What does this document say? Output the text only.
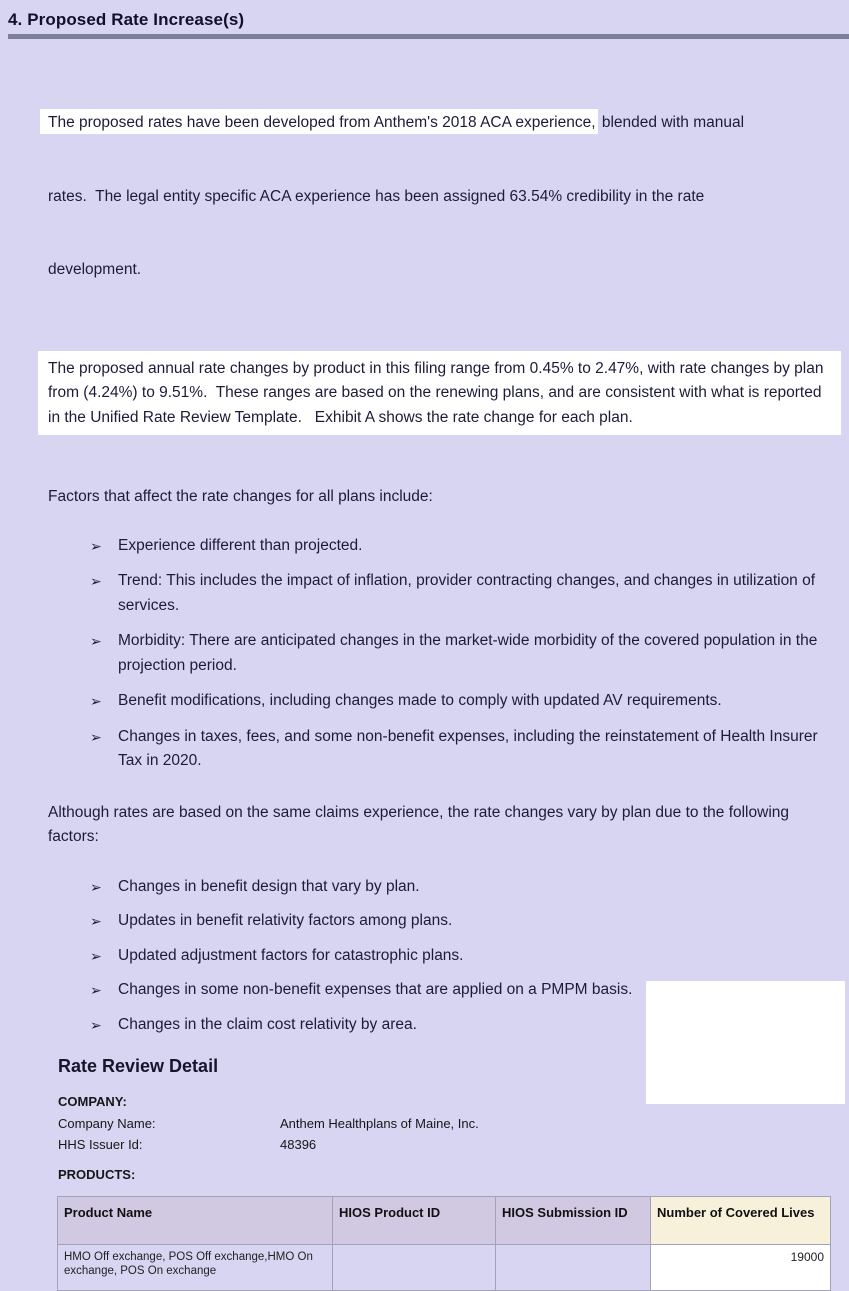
4. Proposed Rate Increase(s)

The proposed rates have been developed from Anthem's 2018 ACA experience, blended with manual

rates.  The legal entity specific ACA experience has been assigned 63.54% credibility in the rate

development.

The proposed annual rate changes by product in this filing range from 0.45% to 2.47%, with rate changes by plan from (4.24%) to 9.51%.  These ranges are based on the renewing plans, and are consistent with what is reported in the Unified Rate Review Template.   Exhibit A shows the rate change for each plan.
Factors that affect the rate changes for all plans include:
➢ Experience different than projected.
➢ Trend: This includes the impact of inflation, provider contracting changes, and changes in utilization of services.
➢ Morbidity: There are anticipated changes in the market-wide morbidity of the covered population in the projection period.
➢ Benefit modifications, including changes made to comply with updated AV requirements.
➢ Changes in taxes, fees, and some non-benefit expenses, including the reinstatement of Health Insurer Tax in 2020.
Although rates are based on the same claims experience, the rate changes vary by plan due to the following factors:
➢ Changes in benefit design that vary by plan.
➢ Updates in benefit relativity factors among plans.
➢ Updated adjustment factors for catastrophic plans.
➢ Changes in some non-benefit expenses that are applied on a PMPM basis.
➢ Changes in the claim cost relativity by area.
Rate Review Detail
COMPANY:
Company Name:	Anthem Healthplans of Maine, Inc.
HHS Issuer Id:	48396
PRODUCTS:
Product Name	HIOS Product ID	HIOS Submission ID	Number of Covered Lives
HMO Off exchange, POS Off exchange,HMO On exchange, POS On exchange			19000
